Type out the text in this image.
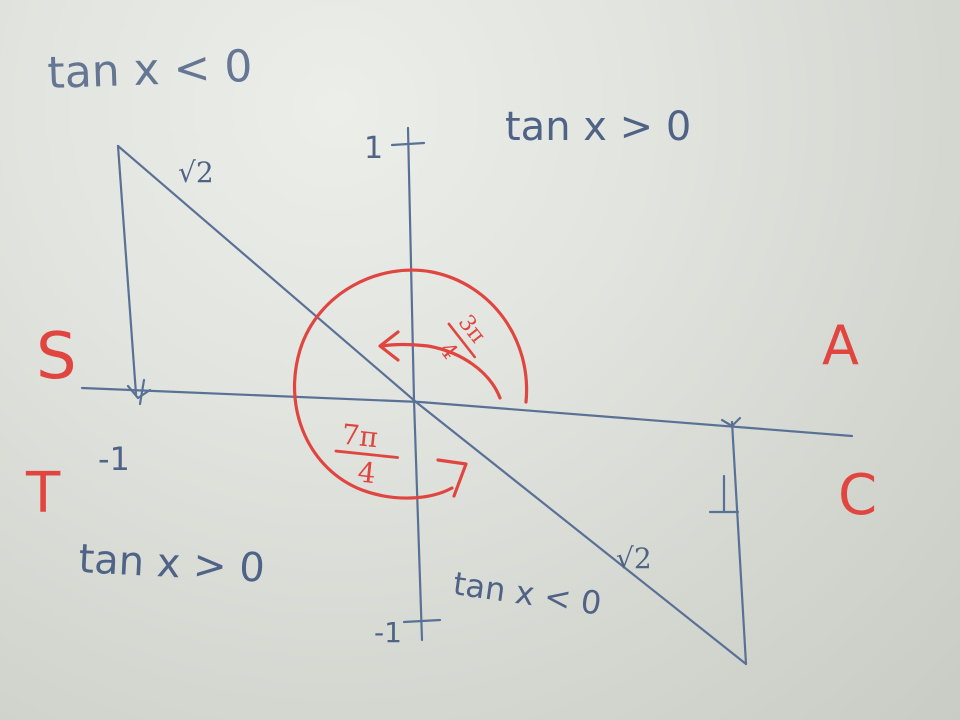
S	A
T	C
tan x < 0
tan x > 0
tan x > 0
tan x < 0
1
-1
-1
√2
√2
3π
4
7π
4
